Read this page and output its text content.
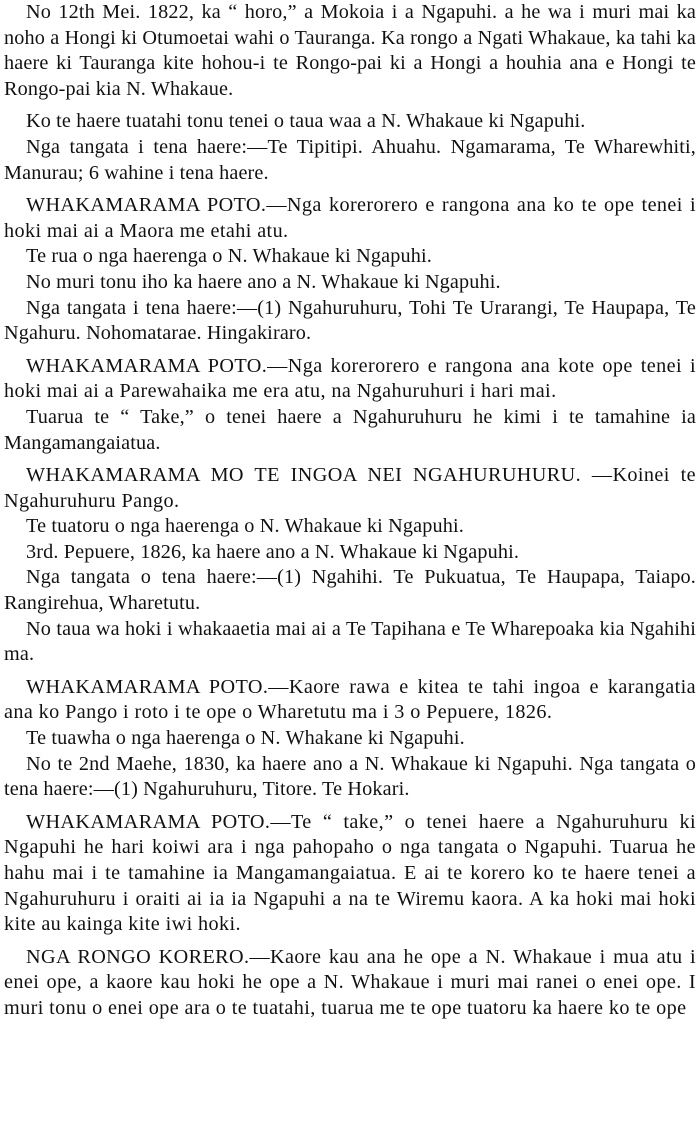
No 12th Mei. 1822, ka “ horo,” a Mokoia i a Ngapuhi. a he wa i muri mai ka noho a Hongi ki Otumoetai wahi o Tauranga. Ka rongo a Ngati Whakaue, ka tahi ka haere ki Tauranga kite hohou-i te Rongo-pai ki a Hongi a houhia ana e Hongi te Rongo-pai kia N. Whakaue.

Ko te haere tuatahi tonu tenei o taua waa a N. Whakaue ki Ngapuhi.

Nga tangata i tena haere:—Te Tipitipi. Ahuahu. Ngamarama, Te Wharewhiti, Manurau; 6 wahine i tena haere.

WHAKAMARAMA POTO.—Nga korerorero e rangona ana ko te ope tenei i hoki mai ai a Maora me etahi atu.

Te rua o nga haerenga o N. Whakaue ki Ngapuhi.

No muri tonu iho ka haere ano a N. Whakaue ki Ngapuhi.

Nga tangata i tena haere:—(1) Ngahuruhuru, Tohi Te Urarangi, Te Haupapa, Te Ngahuru. Nohomatarae. Hingakiraro.

WHAKAMARAMA POTO.—Nga korerorero e rangona ana kote ope tenei i hoki mai ai a Parewahaika me era atu, na Ngahuruhuri i hari mai.

Tuarua te “ Take,” o tenei haere a Ngahuruhuru he kimi i te tamahine ia Mangamangaiatua.

WHAKAMARAMA MO TE INGOA NEI NGAHURUHURU. —Koinei te Ngahuruhuru Pango.

Te tuatoru o nga haerenga o N. Whakaue ki Ngapuhi.

3rd. Pepuere, 1826, ka haere ano a N. Whakaue ki Ngapuhi.

Nga tangata o tena haere:—(1) Ngahihi. Te Pukuatua, Te Haupapa, Taiapo. Rangirehua, Wharetutu.

No taua wa hoki i whakaaetia mai ai a Te Tapihana e Te Wharepoaka kia Ngahihi ma.

WHAKAMARAMA POTO.—Kaore rawa e kitea te tahi ingoa e karangatia ana ko Pango i roto i te ope o Wharetutu ma i 3 o Pepuere, 1826.

Te tuawha o nga haerenga o N. Whakane ki Ngapuhi.

No te 2nd Maehe, 1830, ka haere ano a N. Whakaue ki Ngapuhi. Nga tangata o tena haere:—(1) Ngahuruhuru, Titore. Te Hokari.

WHAKAMARAMA POTO.—Te “ take,” o tenei haere a Ngahuruhuru ki Ngapuhi he hari koiwi ara i nga pahopaho o nga tangata o Ngapuhi. Tuarua he hahu mai i te tamahine ia Mangamangaiatua. E ai te korero ko te haere tenei a Ngahuruhuru i oraiti ai ia ia Ngapuhi a na te Wiremu kaora. A ka hoki mai hoki kite au kainga kite iwi hoki.

NGA RONGO KORERO.—Kaore kau ana he ope a N. Whakaue i mua atu i enei ope, a kaore kau hoki he ope a N. Whakaue i muri mai ranei o enei ope. I muri tonu o enei ope ara o te tuatahi, tuarua me te ope tuatoru ka haere ko te ope
